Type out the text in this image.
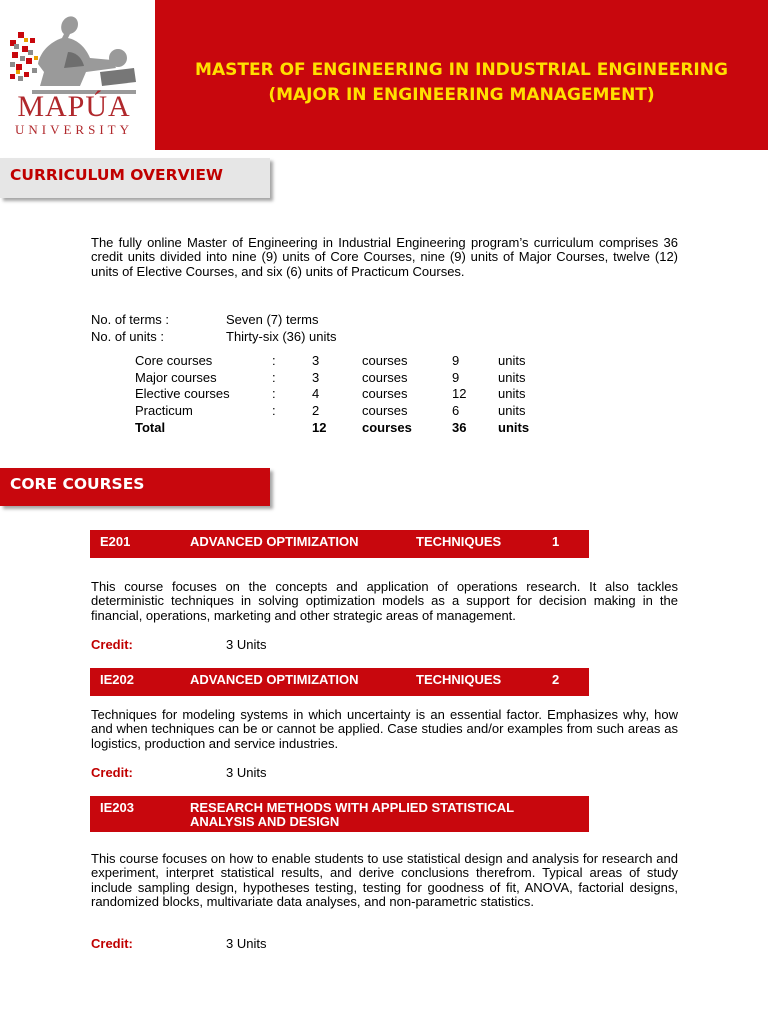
MAPÚA
UNIVERSITY
MASTER OF ENGINEERING IN INDUSTRIAL ENGINEERING
(MAJOR IN ENGINEERING MANAGEMENT)
CURRICULUM OVERVIEW

The fully online Master of Engineering in Industrial Engineering program’s curriculum comprises 36 credit units divided into nine (9) units of Core Courses, nine (9) units of Major Courses, twelve (12) units of Elective Courses, and six (6) units of Practicum Courses.

No. of terms :	Seven (7) terms
No. of units :	Thirty-six (36) units
Core courses	:	3	courses	9	units
Major courses	:	3	courses	9	units
Elective courses	:	4	courses	12	units
Practicum	:	2	courses	6	units
Total		12	courses	36	units
CORE COURSES
E201	ADVANCED OPTIMIZATION	TECHNIQUES	1

This course focuses on the concepts and application of operations research. It also tackles deterministic techniques in solving optimization models as a support for decision making in the financial, operations, marketing and other strategic areas of management.

Credit:	3 Units
IE202	ADVANCED OPTIMIZATION	TECHNIQUES	2

Techniques for modeling systems in which uncertainty is an essential factor. Emphasizes why, how and when techniques can be or cannot be applied. Case studies and/or examples from such areas as logistics, production and service industries.

Credit:	3 Units
IE203	RESEARCH METHODS WITH APPLIED STATISTICAL
ANALYSIS AND DESIGN

This course focuses on how to enable students to use statistical design and analysis for research and experiment, interpret statistical results, and derive conclusions therefrom. Typical areas of study include sampling design, hypotheses testing, testing for goodness of fit, ANOVA, factorial designs, randomized blocks, multivariate data analyses, and non-parametric statistics.

Credit:	3 Units
